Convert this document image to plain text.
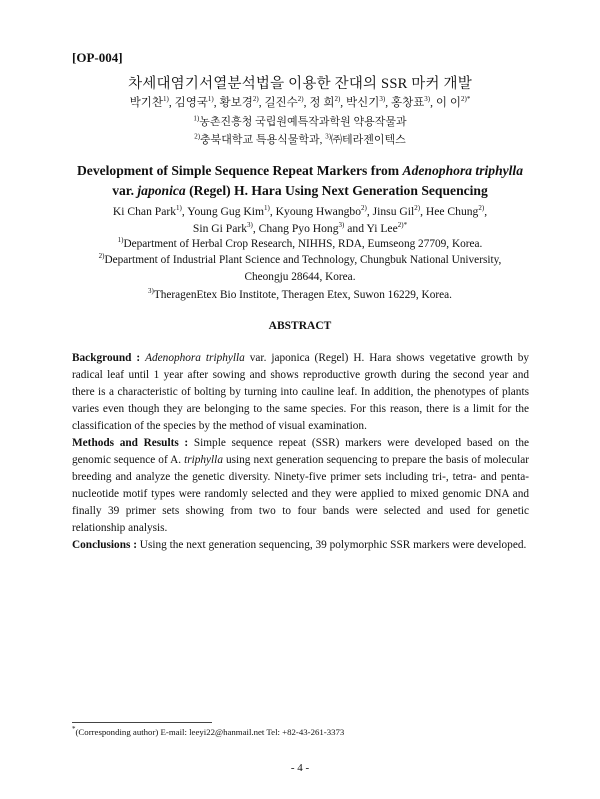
[OP-004]
차세대염기서열분석법을 이용한 잔대의 SSR 마커 개발
박기찬$^{1)}$, 김영국$^{1)}$, 황보경$^{2)}$, 길진수$^{2)}$, 정 희$^{2)}$, 박신기$^{3)}$, 홍창표$^{3)}$, 이 이$^{2)*}$
$^{1)}$농촌진흥청 국립원예특작과학원 약용작물과
$^{2)}$충북대학교 특용식물학과, $^{3)}$㈜테라젠이텍스
Development of Simple Sequence Repeat Markers from Adenophora triphylla
var. japonica (Regel) H. Hara Using Next Generation Sequencing
Ki Chan Park$^{1)}$, Young Gug Kim$^{1)}$, Kyoung Hwangbo$^{2)}$, Jinsu Gil$^{2)}$, Hee Chung$^{2)}$,
Sin Gi Park$^{3)}$, Chang Pyo Hong$^{3)}$ and Yi Lee$^{2)*}$
$^{1)}$Department of Herbal Crop Research, NIHHS, RDA, Eumseong 27709, Korea.
$^{2)}$Department of Industrial Plant Science and Technology, Chungbuk National University, Cheongju 28644, Korea.
$^{3)}$TheragenEtex Bio Institote, Theragen Etex, Suwon 16229, Korea.
ABSTRACT

Background : Adenophora triphylla var. japonica (Regel) H. Hara shows vegetative growth by radical leaf until 1 year after sowing and shows reproductive growth during the second year and there is a characteristic of bolting by turning into cauline leaf. In addition, the phenotypes of plants varies even though they are belonging to the same species. For this reason, there is a limit for the classification of the species by the method of visual examination.

Methods and Results : Simple sequence repeat (SSR) markers were developed based on the genomic sequence of A. triphylla using next generation sequencing to prepare the basis of molecular breeding and analyze the genetic diversity. Ninety-five primer sets including tri-, tetra- and penta-nucleotide motif types were randomly selected and they were applied to mixed genomic DNA and finally 39 primer sets showing from two to four bands were selected and used for genetic relationship analysis.

Conclusions : Using the next generation sequencing, 39 polymorphic SSR markers were developed.

*(Corresponding author) E-mail: leeyi22@hanmail.net Tel: +82-43-261-3373
- 4 -
